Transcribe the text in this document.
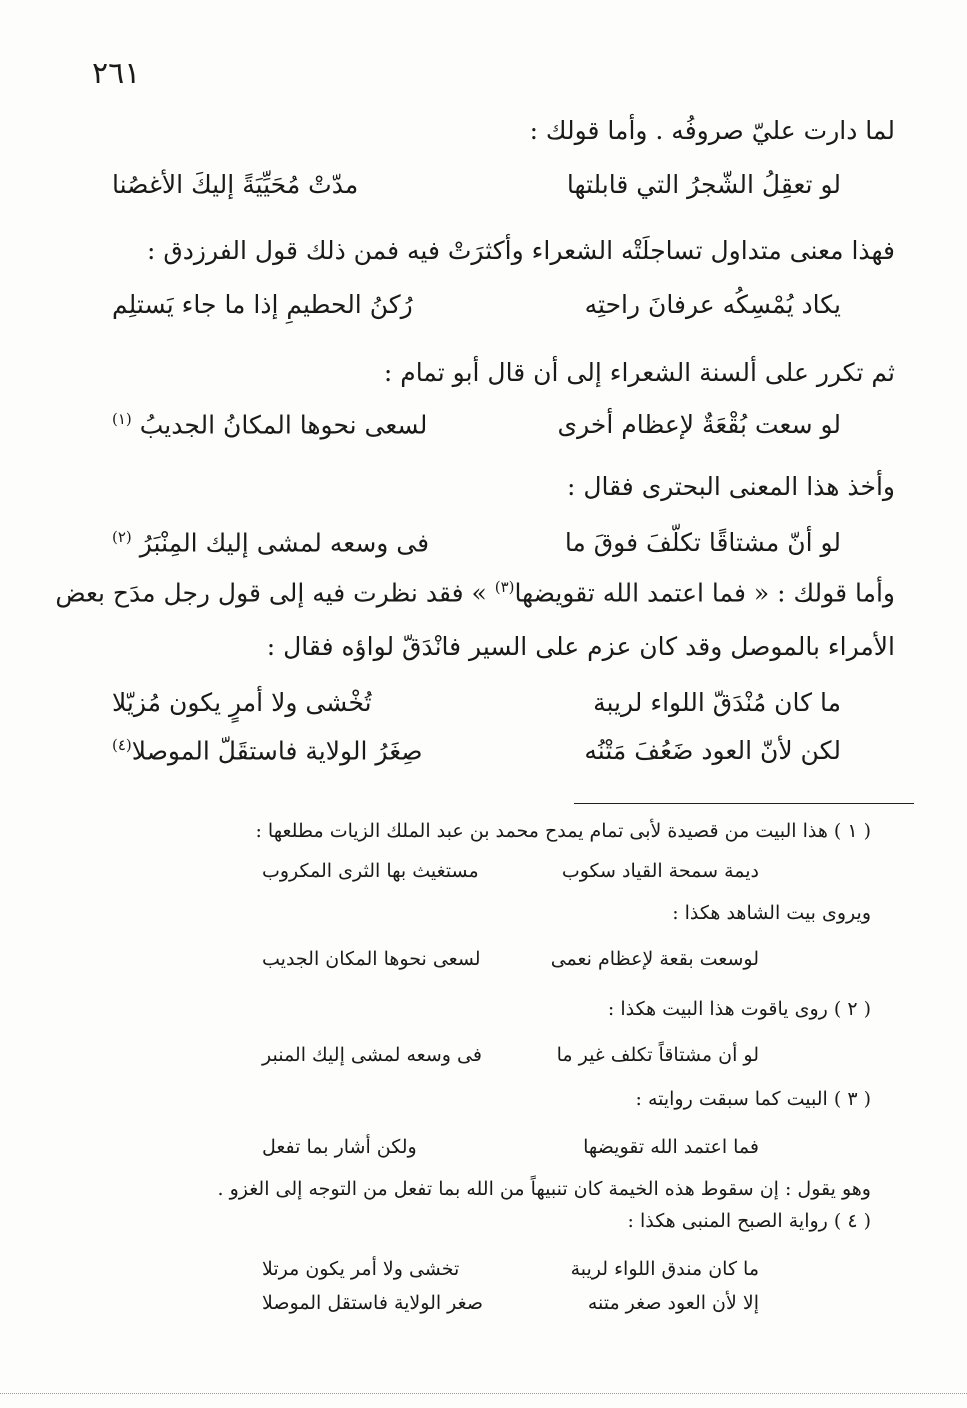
٢٦١
لما دارت عليّ صروفُه . وأما قولك :
لو تعقِلُ الشّجرُ التي قابلتها
مدّتْ مُحَيِّيَةً إليكَ الأغصُنا
فهذا معنى متداول تساجلَتْه الشعراء وأكثرَتْ فيه فمن ذلك قول الفرزدق :
يكاد يُمْسِكُه عرفانَ راحتِه
رُكنُ الحطيمِ إذا ما جاء يَستلِم
ثم تكرر على ألسنة الشعراء إلى أن قال أبو تمام :
لو سعت بُقْعَةٌ لإعظام أخرى
لسعى نحوها المكانُ الجديبُ $^{(١)}$
وأخذ هذا المعنى البحترى فقال :
لو أنّ مشتاقًا تكلّفَ فوقَ ما
فى وسعه لمشى إليك المِنْبَرُ $^{(٢)}$
وأما قولك : « فما اعتمد الله تقويضها$^{(٣)}$ » فقد نظرت فيه إلى قول رجل مدَح بعض
الأمراء بالموصل وقد كان عزم على السير فانْدَقّ لواؤه فقال :
ما كان مُنْدَقّ اللواء لريبة
تُخْشى ولا أمرٍ يكون مُزيّلا
لكن لأنّ العود ضَعُفَ مَتْنُه
صِغَرُ الولاية فاستقَلّ الموصلا$^{(٤)}$
( ١ ) هذا البيت من قصيدة لأبى تمام يمدح محمد بن عبد الملك الزيات مطلعها :
ديمة سمحة القياد سكوب
مستغيث بها الثرى المكروب
ويروى بيت الشاهد هكذا :
لوسعت بقعة لإعظام نعمى
لسعى نحوها المكان الجديب
( ٢ ) روى ياقوت هذا البيت هكذا :
لو أن مشتاقاً تكلف غير ما
فى وسعه لمشى إليك المنبر
( ٣ ) البيت كما سبقت روايته :
فما اعتمد الله تقويضها
ولكن أشار بما تفعل
وهو يقول : إن سقوط هذه الخيمة كان تنبيهاً من الله بما تفعل من التوجه إلى الغزو .
( ٤ ) رواية الصبح المنبى هكذا :
ما كان مندق اللواء لريبة
تخشى ولا أمر يكون مرتلا
إلا لأن العود صغر متنه
صغر الولاية فاستقل الموصلا
